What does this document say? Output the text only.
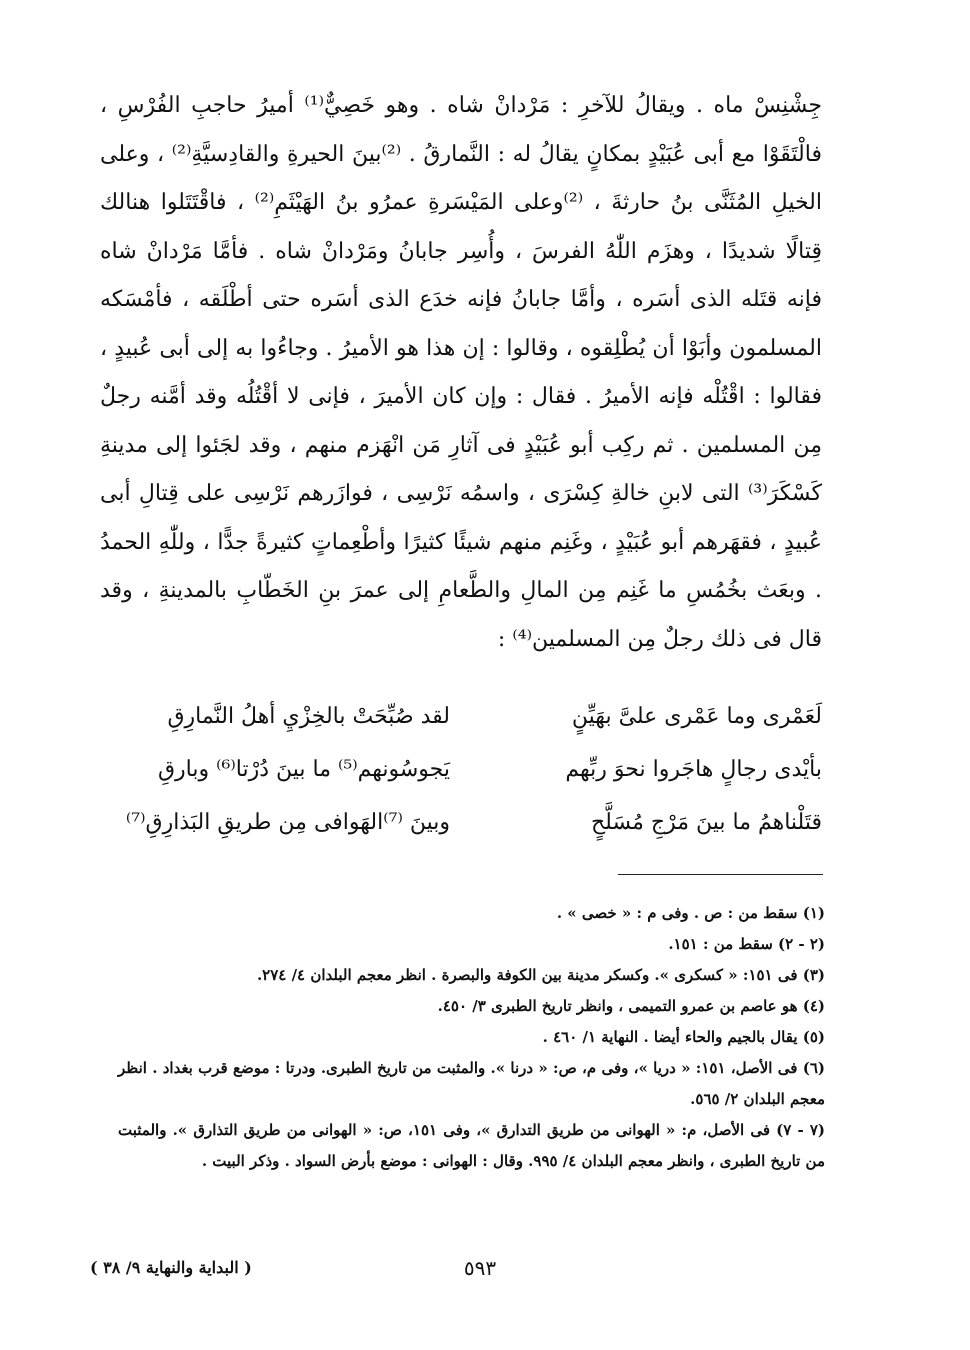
جِشْنِسْ ماه . ويقالُ للآخرِ : مَرْدانْ شاه . وهو خَصِيٌّ⁽¹⁾ أميرُ حاجبِ الفُرْسِ ، فالْتَقَوْا مع أبى عُبَيْدٍ بمكانٍ يقالُ له : النَّمارقُ . ⁽²⁾بينَ الحيرةِ والقادِسيَّةِ⁽²⁾ ، وعلى الخيلِ المُثَنَّى بنُ حارثةَ ، ⁽²⁾وعلى المَيْسَرةِ عمرُو بنُ الهَيْثَمِ⁽²⁾ ، فاقْتَتَلوا هنالك قِتالًا شديدًا ، وهزَم اللّٰهُ الفرسَ ، وأُسِر جابانُ ومَرْدانْ شاه . فأمَّا مَرْدانْ شاه فإنه قتَله الذى أسَره ، وأمَّا جابانُ فإنه خدَع الذى أسَره حتى أطْلَقه ، فأمْسَكه المسلمون وأبَوْا أن يُطْلِقوه ، وقالوا : إن هذا هو الأميرُ . وجاءُوا به إلى أبى عُبيدٍ ، فقالوا : اقْتُلْه فإنه الأميرُ . فقال : وإن كان الأميرَ ، فإنى لا أقْتُلُه وقد أمَّنه رجلٌ مِن المسلمين . ثم ركِب أبو عُبَيْدٍ فى آثارِ مَن انْهَزم منهم ، وقد لجَئوا إلى مدينةِ كَسْكَرَ⁽³⁾ التى لابنِ خالةِ كِسْرَى ، واسمُه نَرْسِى ، فوازَرهم نَرْسِى على قِتالِ أبى عُبيدٍ ، فقهَرهم أبو عُبَيْدٍ ، وغَنِم منهم شيئًا كثيرًا وأطْعِماتٍ كثيرةً جدًّا ، وللّٰهِ الحمدُ . وبعَث بخُمُسِ ما غَنِم مِن المالِ والطَّعامِ إلى عمرَ بنِ الخَطّابِ بالمدينةِ ، وقد قال فى ذلك رجلٌ مِن المسلمين⁽⁴⁾ :

لَعَمْرى وما عَمْرى علىَّ بهَيِّنٍ
لقد صُبِّحَتْ بالخِزْيِ أهلُ النَّمارِقِ
بأيْدى رجالٍ هاجَروا نحوَ ربِّهم
يَجوسُونهم⁽⁵⁾ ما بينَ دُرْتا⁽⁶⁾ وبارقِ
قتَلْناهمُ ما بينَ مَرْجِ مُسَلَّحٍ
وبينَ ⁽⁷⁾الهَوافى مِن طريقِ البَذارِقِ⁽⁷⁾

(١) سقط من : ص . وفى م : « خصى » .

(٢ - ٢) سقط من : ١٥١.

(٣) فى ١٥١: « كسكرى ». وكسكر مدينة بين الكوفة والبصرة . انظر معجم البلدان ٤/ ٢٧٤.

(٤) هو عاصم بن عمرو التميمى ، وانظر تاريخ الطبرى ٣/ ٤٥٠.

(٥) يقال بالجيم والحاء أيضا . النهاية ١/ ٤٦٠ .

(٦) فى الأصل، ١٥١: « دريا »، وفى م، ص: « درنا ». والمثبت من تاريخ الطبرى. ودرتا : موضع قرب بغداد . انظر معجم البلدان ٢/ ٥٦٥.

(٧ - ٧) فى الأصل، م: « الهوانى من طريق التدارق »، وفى ١٥١، ص: « الهوانى من طريق التذارق ». والمثبت من تاريخ الطبرى ، وانظر معجم البلدان ٤/ ٩٩٥. وقال : الهوانى : موضع بأرض السواد . وذكر البيت .

٥٩٣
( البداية والنهاية ٩/ ٣٨ )
